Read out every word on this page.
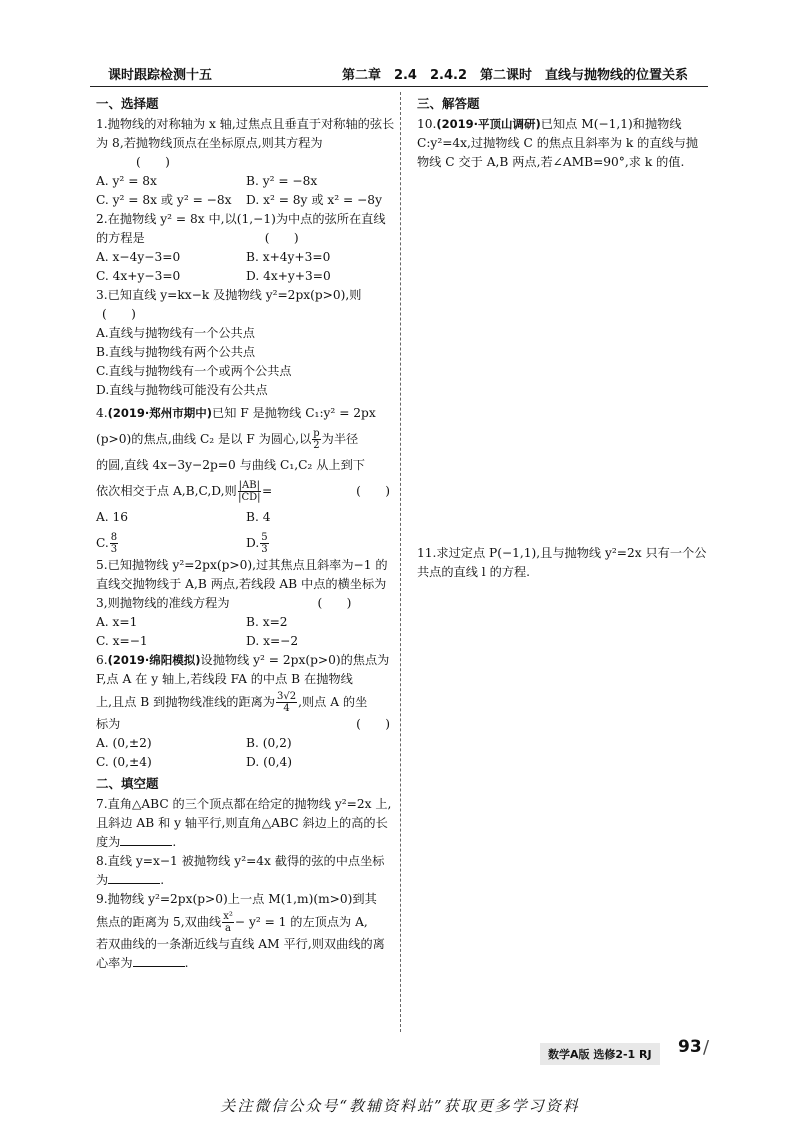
课时跟踪检测十五	第二章　2.4　2.4.2　第二课时　直线与抛物线的位置关系
一、选择题

1.抛物线的对称轴为 x 轴,过焦点且垂直于对称轴的弦长为 8,若抛物线顶点在坐标原点,则其方程为(　　)

A. y² = 8x	B. y² = −8x
C. y² = 8x 或 y² = −8x	D. x² = 8y 或 x² = −8y

2.在抛物线 y² = 8x 中,以(1,−1)为中点的弦所在直线的方程是	(　　)

A. x−4y−3=0	B. x+4y+3=0
C. 4x+y−3=0	D. 4x+y+3=0

3.已知直线 y=kx−k 及抛物线 y²=2px(p>0),则(　　)

A.直线与抛物线有一个公共点

B.直线与抛物线有两个公共点

C.直线与抛物线有一个或两个公共点

D.直线与抛物线可能没有公共点

4.(2019·郑州市期中)已知 F 是抛物线 C₁:y² = 2px

(p>0)的焦点,曲线 C₂ 是以 F 为圆心,以 $\frac{p}{2}$ 为半径

的圆,直线 4x−3y−2p=0 与曲线 C₁,C₂ 从上到下

依次相交于点 A,B,C,D,则 $\frac{|AB|}{|CD|}$ =	(　　)

A. 16	B. 4
C. $\frac{8}{3}$	D. $\frac{5}{3}$

5.已知抛物线 y²=2px(p>0),过其焦点且斜率为−1 的直线交抛物线于 A,B 两点,若线段 AB 中点的横坐标为 3,则抛物线的准线方程为	(　　)

A. x=1	B. x=2
C. x=−1	D. x=−2

6.(2019·绵阳模拟)设抛物线 y² = 2px(p>0)的焦点为 F,点 A 在 y 轴上,若线段 FA 的中点 B 在抛物线

上,且点 B 到抛物线准线的距离为 $\frac{3√2}{4}$ ,则点 A 的坐

标为	(　　)

A. (0,±2)	B. (0,2)
C. (0,±4)	D. (0,4)
二、填空题

7.直角△ABC 的三个顶点都在给定的抛物线 y²=2x 上,且斜边 AB 和 y 轴平行,则直角△ABC 斜边上的高的长度为	.

8.直线 y=x−1 被抛物线 y²=4x 截得的弦的中点坐标为	.

9.抛物线 y²=2px(p>0)上一点 M(1,m)(m>0)到其

焦点的距离为 5,双曲线 $\frac{\text{x²}}{a} - y^2 = 1$ 的左顶点为 A,

若双曲线的一条渐近线与直线 AM 平行,则双曲线的离心率为	.

三、解答题

10.(2019·平顶山调研)已知点 M(−1,1)和抛物线 C:y²=4x,过抛物线 C 的焦点且斜率为 k 的直线与抛物线 C 交于 A,B 两点,若∠AMB=90°,求 k 的值.

11.求过定点 P(−1,1),且与抛物线 y²=2x 只有一个公共点的直线 l 的方程.

数学A版 选修2-1 RJ	93 /
关注微信公众号“教辅资料站”获取更多学习资料
